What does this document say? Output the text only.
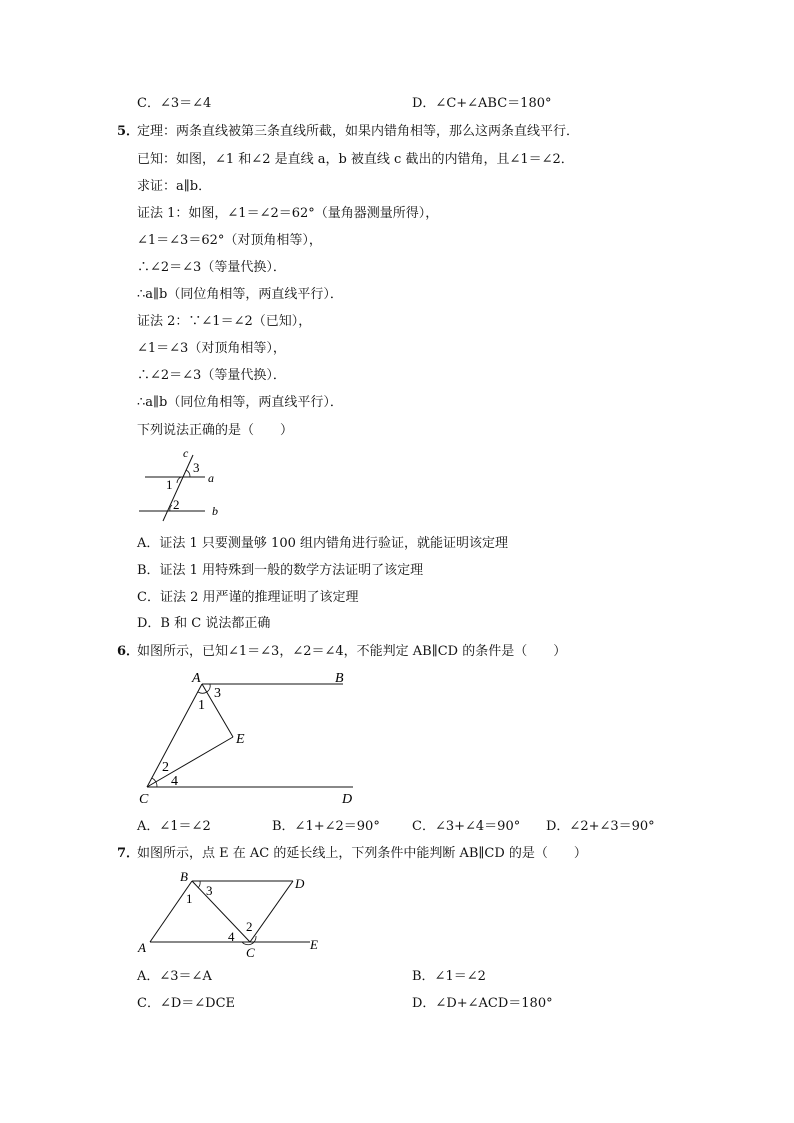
C．∠3＝∠4	D．∠C+∠ABC＝180°
5．
定理：两条直线被第三条直线所截，如果内错角相等，那么这两条直线平行．
已知：如图，∠1 和∠2 是直线 a，b 被直线 c 截出的内错角，且∠1＝∠2．
求证：a∥b．
证法 1：如图，∠1＝∠2＝62°（量角器测量所得），
∠1＝∠3＝62°（对顶角相等），
∴∠2＝∠3（等量代换）．
∴a∥b（同位角相等，两直线平行）．
证法 2：∵∠1＝∠2（已知），
∠1＝∠3（对顶角相等），
∴∠2＝∠3（等量代换）．
∴a∥b（同位角相等，两直线平行）．
下列说法正确的是（　　）
c
3
a
1
2	b
A．证法 1 只要测量够 100 组内错角进行验证，就能证明该定理
B．证法 1 用特殊到一般的数学方法证明了该定理
C．证法 2 用严谨的推理证明了该定理
D．B 和 C 说法都正确
6．
如图所示，已知∠1＝∠3，∠2＝∠4，不能判定 AB∥CD 的条件是（　　）
A	B
3
1
E
2
4
C	D
A．∠1＝∠2	B．∠1+∠2＝90° C．∠3+∠4＝90° D．∠2+∠3＝90°
7．
如图所示，点 E 在 AC 的延长线上，下列条件中能判断 AB∥CD 的是（　　）
B
3	D
1
2
4
A	C
E
A．∠3＝∠A	B．∠1＝∠2
C．∠D＝∠DCE	D．∠D+∠ACD＝180°
